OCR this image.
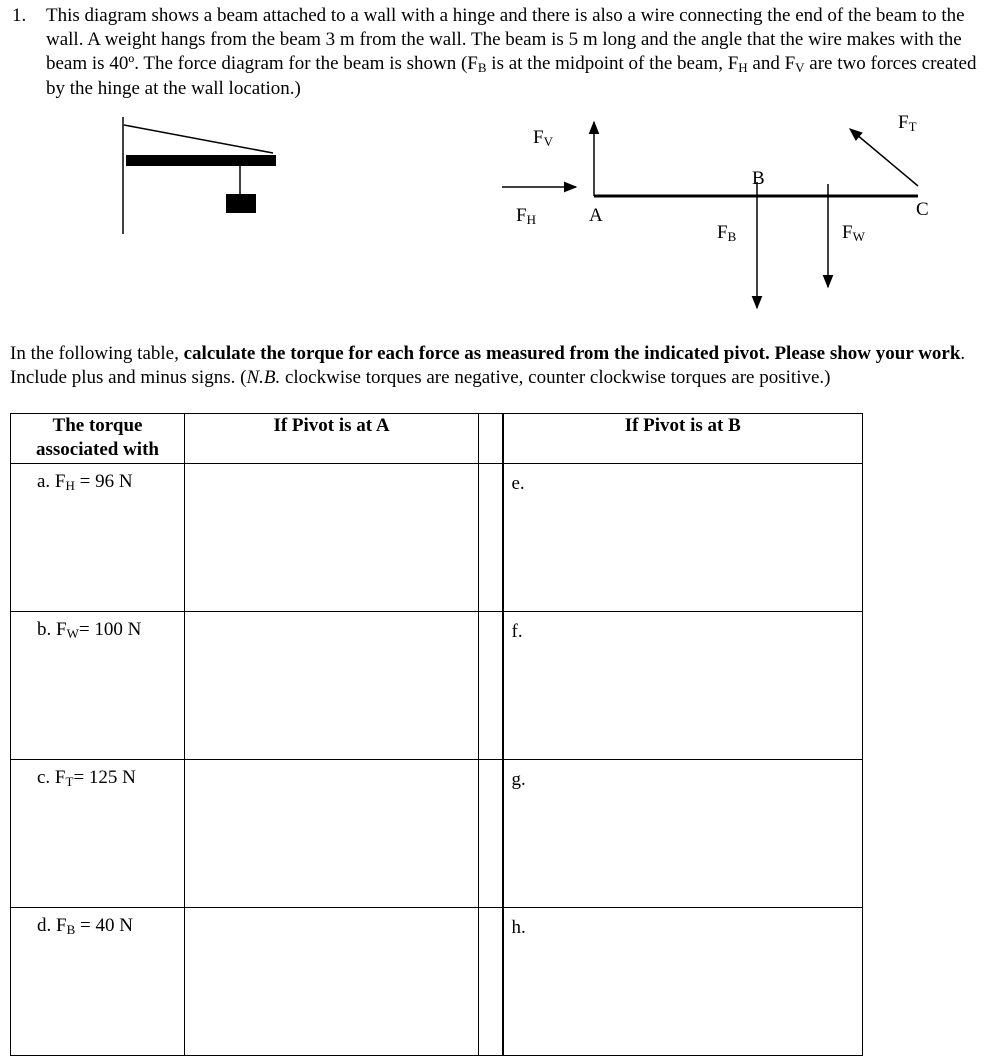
1. This diagram shows a beam attached to a wall with a hinge and there is also a wire connecting the end of the beam to the wall. A weight hangs from the beam 3 m from the wall. The beam is 5 m long and the angle that the wire makes with the beam is 40º. The force diagram for the beam is shown ($F_B$ is at the midpoint of the beam, $F_H$ and $F_V$ are two forces created by the hinge at the wall location.)
FV
FH	A
B
C
FT
FB	FW
In the following table, calculate the torque for each force as measured from the indicated pivot. Please show your work. Include plus and minus signs. (N.B. clockwise torques are negative, counter clockwise torques are positive.)
The torque associated with	If Pivot is at A		If Pivot is at B

a. $F_H = 96$ N			e.

b. $F_W= 100$ N			f.

c. $F_T= 125$ N			g.

d. $F_B = 40$ N			h.
